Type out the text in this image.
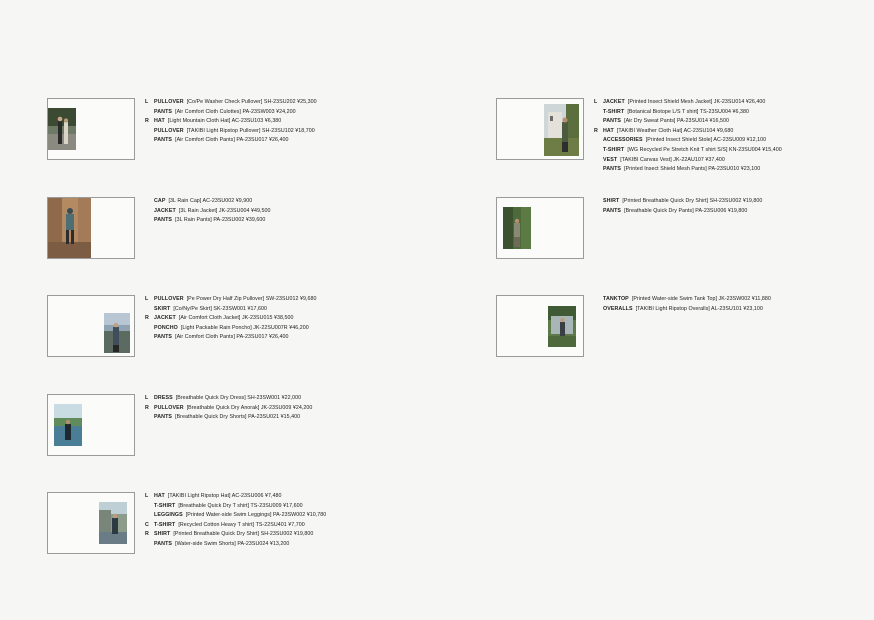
L PULLOVER [Co/Pe Washer Check Pullover] SH-23SU202 ¥25,300
PANTS [Air Comfort Cloth Culottes] PA-23SW003 ¥24,200
R HAT [Light Mountain Cloth Hat] AC-23SU103 ¥6,380
PULLOVER [TAKIBI Light Ripstop Pullover] SH-23SU102 ¥18,700
PANTS [Air Comfort Cloth Pants] PA-23SU017 ¥26,400
CAP [3L Rain Cap] AC-23SU002 ¥9,900
JACKET [3L Rain Jacket] JK-23SU004 ¥49,500
PANTS [3L Rain Pants] PA-23SU002 ¥39,600
L PULLOVER [Pe Power Dry Half Zip Pullover] SW-23SU012 ¥9,680
SKIRT [Co/Ny/Pe Skirt] SK-23SW001 ¥17,600
R JACKET [Air Comfort Cloth Jacket] JK-23SU015 ¥38,500
PONCHO [Light Packable Rain Poncho] JK-22SU007R ¥46,200
PANTS [Air Comfort Cloth Pants] PA-23SU017 ¥26,400
L DRESS [Breathable Quick Dry Dress] SH-23SW001 ¥22,000
R PULLOVER [Breathable Quick Dry Anorak] JK-23SU009 ¥24,200
PANTS [Breathable Quick Dry Shorts] PA-23SU021 ¥15,400
L HAT [TAKIBI Light Ripstop Hat] AC-23SU006 ¥7,480
T-SHIRT [Breathable Quick Dry T shirt] TS-23SU009 ¥17,600
LEGGINGS [Printed Water-side Swim Leggings] PA-23SW002 ¥10,780
C T-SHIRT [Recycled Cotton Heavy T shirt] TS-22SU401 ¥7,700
R SHIRT [Printed Breathable Quick Dry Shirt] SH-23SU002 ¥19,800
PANTS [Water-side Swim Shorts] PA-23SU024 ¥13,200
L JACKET [Printed Insect Shield Mesh Jacket] JK-23SU014 ¥26,400
T-SHIRT [Botanical Biotope L/S T shirt] TS-23SU004 ¥6,380
PANTS [Air Dry Sweat Pants] PA-23SU014 ¥16,500
R HAT [TAKIBI Weather Cloth Hat] AC-23SU104 ¥9,680
ACCESSORIES [Printed Insect Shield Stole] AC-23SU009 ¥12,100
T-SHIRT [WG Recycled Pe Stretch Knit T shirt S/S] KN-23SU004 ¥15,400
VEST [TAKIBI Canvas Vest] JK-22AU107 ¥37,400
PANTS [Printed Insect Shield Mesh Pants] PA-23SU010 ¥23,100
SHIRT [Printed Breathable Quick Dry Shirt] SH-23SU002 ¥19,800
PANTS [Breathable Quick Dry Pants] PA-23SU006 ¥19,800
TANKTOP [Printed Water-side Swim Tank Top] JK-23SW002 ¥11,880
OVERALLS [TAKIBI Light Ripstop Overalls] AL-23SU101 ¥23,100
